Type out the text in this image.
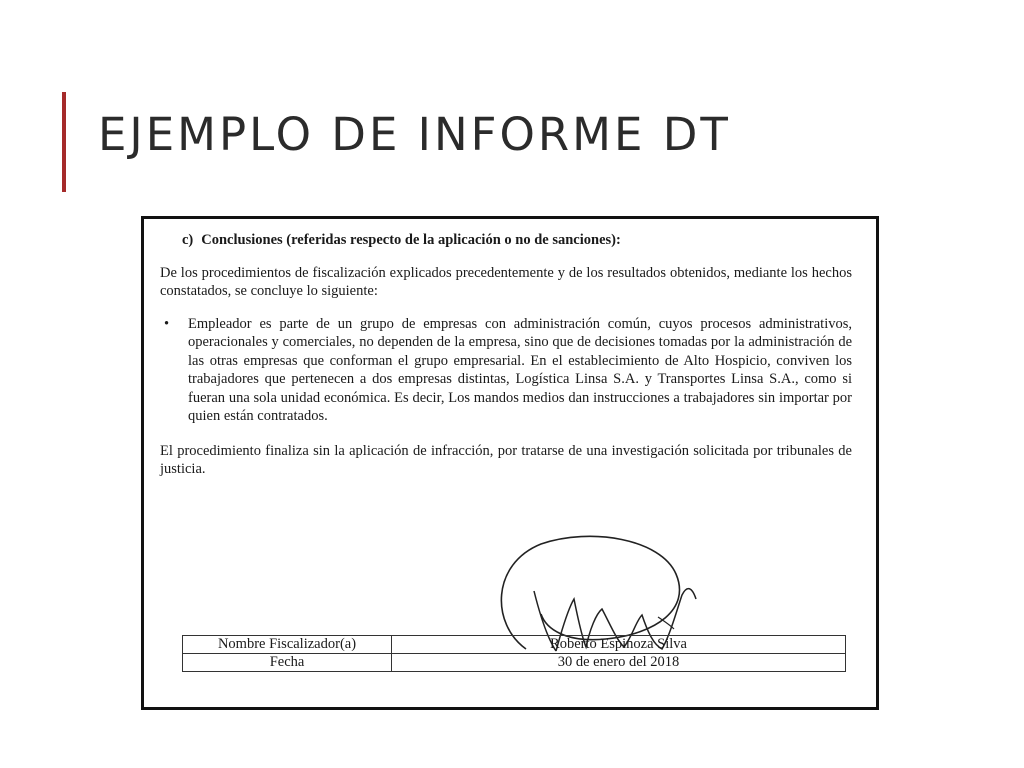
EJEMPLO DE INFORME DT

c) Conclusiones (referidas respecto de la aplicación o no de sanciones):

De los procedimientos de fiscalización explicados precedentemente y de los resultados obtenidos, mediante los hechos constatados, se concluye lo siguiente:

•	Empleador es parte de un grupo de empresas con administración común, cuyos procesos administrativos, operacionales y comerciales, no dependen de la empresa, sino que de decisiones tomadas por la administración de las otras empresas que conforman el grupo empresarial. En el establecimiento de Alto Hospicio, conviven los trabajadores que pertenecen a dos empresas distintas, Logística Linsa S.A. y Transportes Linsa S.A., como si fueran una sola unidad económica. Es decir, Los mandos medios dan instrucciones a trabajadores sin importar por quien están contratados.

El procedimiento finaliza sin la aplicación de infracción, por tratarse de una investigación solicitada por tribunales de justicia.

Nombre Fiscalizador(a)	Roberto Espinoza Silva
Fecha	30 de enero del 2018
